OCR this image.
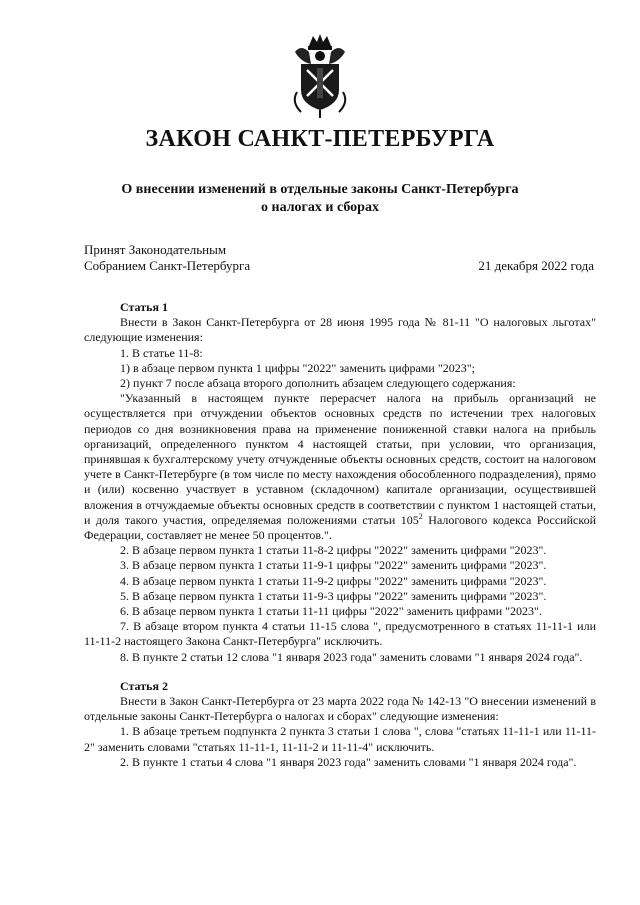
ЗАКОН САНКТ-ПЕТЕРБУРГА
О внесении изменений в отдельные законы Санкт-Петербурга
о налогах и сборах
Принят Законодательным
Собранием Санкт-Петербурга	21 декабря 2022 года
Статья 1

Внести в Закон Санкт-Петербурга от 28 июня 1995 года № 81-11 "О налоговых льготах" следующие изменения:

1. В статье 11-8:

1) в абзаце первом пункта 1 цифры "2022" заменить цифрами "2023";

2) пункт 7 после абзаца второго дополнить абзацем следующего содержания:

"Указанный в настоящем пункте перерасчет налога на прибыль организаций не осуществляется при отчуждении объектов основных средств по истечении трех налоговых периодов со дня возникновения права на применение пониженной ставки налога на прибыль организаций, определенного пунктом 4 настоящей статьи, при условии, что организация, принявшая к бухгалтерскому учету отчужденные объекты основных средств, состоит на налоговом учете в Санкт-Петербурге (в том числе по месту нахождения обособленного подразделения), прямо и (или) косвенно участвует в уставном (складочном) капитале организации, осуществившей вложения в отчуждаемые объекты основных средств в соответствии с пунктом 1 настоящей статьи, и доля такого участия, определяемая положениями статьи $105^2$ Налогового кодекса Российской Федерации, составляет не менее 50 процентов.".

2. В абзаце первом пункта 1 статьи 11-8-2 цифры "2022" заменить цифрами "2023".

3. В абзаце первом пункта 1 статьи 11-9-1 цифры "2022" заменить цифрами "2023".

4. В абзаце первом пункта 1 статьи 11-9-2 цифры "2022" заменить цифрами "2023".

5. В абзаце первом пункта 1 статьи 11-9-3 цифры "2022" заменить цифрами "2023".

6. В абзаце первом пункта 1 статьи 11-11 цифры "2022" заменить цифрами "2023".

7. В абзаце втором пункта 4 статьи 11-15 слова ", предусмотренного в статьях 11-11-1 или 11-11-2 настоящего Закона Санкт-Петербурга" исключить.

8. В пункте 2 статьи 12 слова "1 января 2023 года" заменить словами "1 января 2024 года".

Статья 2

Внести в Закон Санкт-Петербурга от 23 марта 2022 года № 142-13 "О внесении изменений в отдельные законы Санкт-Петербурга о налогах и сборах" следующие изменения:

1. В абзаце третьем подпункта 2 пункта 3 статьи 1 слова ", слова "статьях 11-11-1 или 11-11-2" заменить словами "статьях 11-11-1, 11-11-2 и 11-11-4" исключить.

2. В пункте 1 статьи 4 слова "1 января 2023 года" заменить словами "1 января 2024 года".
